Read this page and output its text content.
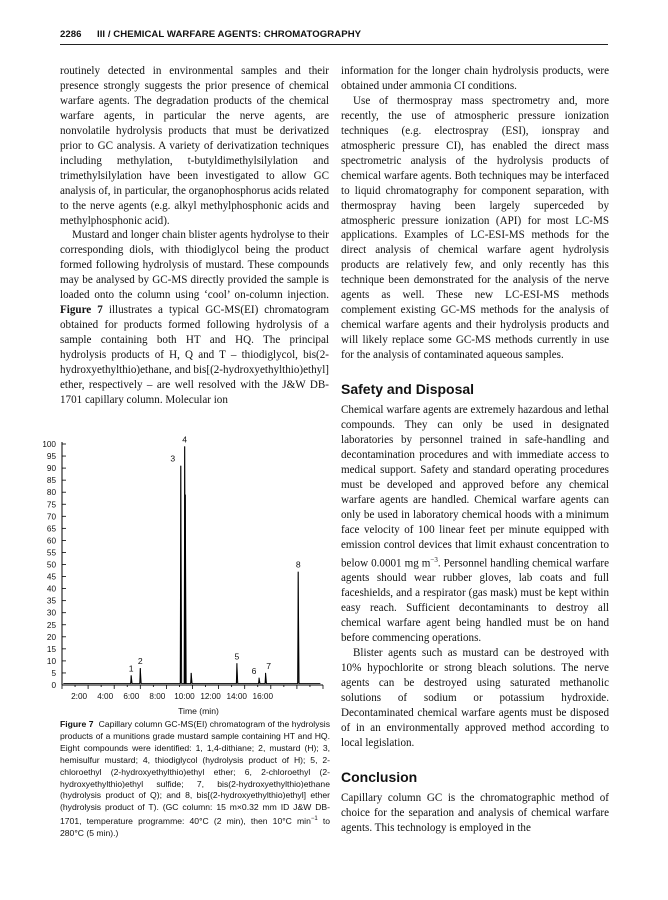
2286 III / CHEMICAL WARFARE AGENTS: CHROMATOGRAPHY

routinely detected in environmental samples and their presence strongly suggests the prior presence of chemical warfare agents. The degradation products of the chemical warfare agents, in particular the nerve agents, are nonvolatile hydrolysis products that must be derivatized prior to GC analysis. A variety of derivatization techniques including methylation, t-butyldimethylsilylation and trimethylsilylation have been investigated to allow GC analysis of, in particular, the organophosphorus acids related to the nerve agents (e.g. alkyl methylphosphonic acids and methylphosphonic acid).

Mustard and longer chain blister agents hydrolyse to their corresponding diols, with thiodiglycol being the product formed following hydrolysis of mustard. These compounds may be analysed by GC-MS directly provided the sample is loaded onto the column using ‘cool’ on-column injection. Figure 7 illustrates a typical GC-MS(EI) chromatogram obtained for products formed following hydrolysis of a sample containing both HT and HQ. The principal hydrolysis products of H, Q and T – thiodiglycol, bis(2-hydroxyethylthio)ethane, and bis[(2-hydroxyethylthio)ethyl] ether, respectively – are well resolved with the J&W DB-1701 capillary column. Molecular ion

0
5
10
15
20
25
30
35
40
45
50
55
60
65
70
75
80
85
90
95
100
2:00 4:00 6:00 8:00 10:00 12:00 14:00 16:00
Time (min)
1
2
3
4
5
6 7
8
Figure 7 Capillary column GC-MS(EI) chromatogram of the hydrolysis products of a munitions grade mustard sample containing HT and HQ. Eight compounds were identified: 1, 1,4-dithiane; 2, mustard (H); 3, hemisulfur mustard; 4, thiodiglycol (hydrolysis product of H); 5, 2-chloroethyl (2-hydroxyethylthio)ethyl ether; 6, 2-chloroethyl (2-hydroxyethylthio)ethyl sulfide; 7, bis(2-hydroxyethylthio)ethane (hydrolysis product of Q); and 8, bis[(2-hydroxyethylthio)ethyl] ether (hydrolysis product of T). (GC column: 15 m×0.32 mm ID J&W DB-1701, temperature programme: 40°C (2 min), then 10°C $\min^{-1}$ to 280°C (5 min).)

information for the longer chain hydrolysis products, were obtained under ammonia CI conditions.

Use of thermospray mass spectrometry and, more recently, the use of atmospheric pressure ionization techniques (e.g. electrospray (ESI), ionspray and atmospheric pressure CI), has enabled the direct mass spectrometric analysis of the hydrolysis products of chemical warfare agents. Both techniques may be interfaced to liquid chromatography for component separation, with thermospray having been largely superceded by atmospheric pressure ionization (API) for most LC-MS applications. Examples of LC-ESI-MS methods for the direct analysis of chemical warfare agent hydrolysis products are relatively few, and only recently has this technique been demonstrated for the analysis of the nerve agents as well. These new LC-ESI-MS methods complement existing GC-MS methods for the analysis of chemical warfare agents and their hydrolysis products and will likely replace some GC-MS methods currently in use for the analysis of contaminated aqueous samples.

Safety and Disposal

Chemical warfare agents are extremely hazardous and lethal compounds. They can only be used in designated laboratories by personnel trained in safe-handling and decontamination procedures and with immediate access to medical support. Safety and standard operating procedures must be developed and approved before any chemical warfare agents are handled. Chemical warfare agents can only be used in laboratory chemical hoods with a minimum face velocity of 100 linear feet per minute equipped with emission control devices that limit exhaust concentration to below 0.0001 mg $m^{-3}$. Personnel handling chemical warfare agents should wear rubber gloves, lab coats and full faceshields, and a respirator (gas mask) must be kept within easy reach. Sufficient decontaminants to destroy all chemical warfare agent being handled must be on hand before commencing operations.

Blister agents such as mustard can be destroyed with 10% hypochlorite or strong bleach solutions. The nerve agents can be destroyed using saturated methanolic solutions of sodium or potassium hydroxide. Decontaminated chemical warfare agents must be disposed of in an environmentally approved method according to local legislation.

Conclusion

Capillary column GC is the chromatographic method of choice for the separation and analysis of chemical warfare agents. This technology is employed in the
